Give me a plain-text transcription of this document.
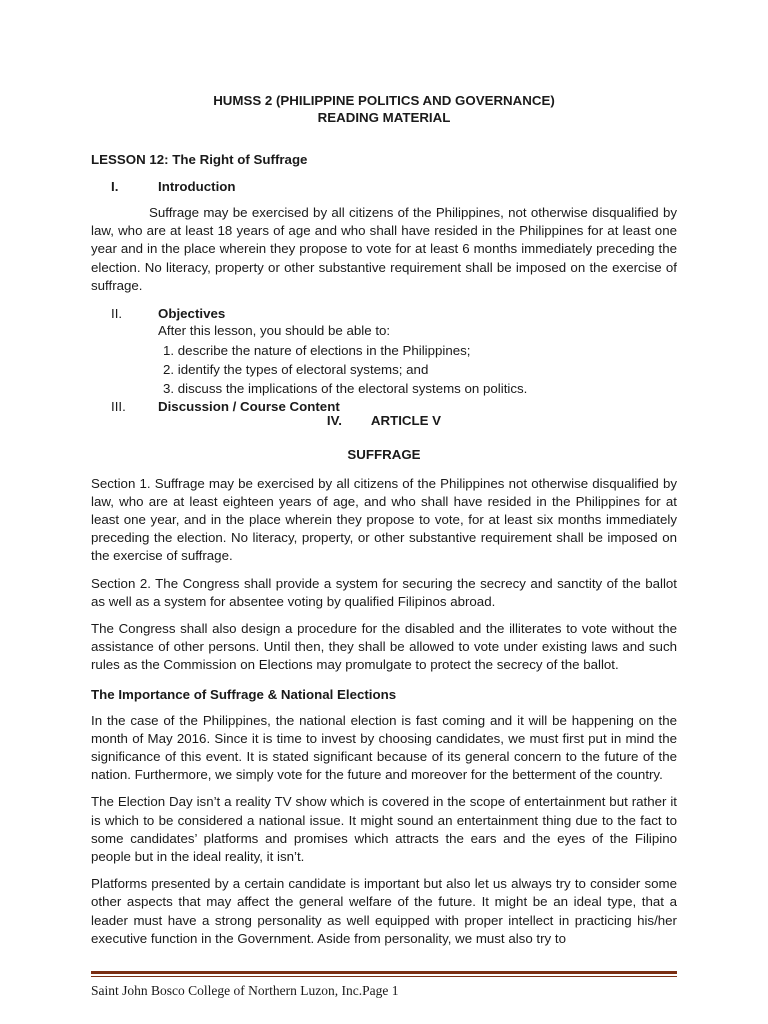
HUMSS 2 (PHILIPPINE POLITICS AND GOVERNANCE)
READING MATERIAL
LESSON 12: The Right of Suffrage
I.	Introduction

Suffrage may be exercised by all citizens of the Philippines, not otherwise disqualified by law, who are at least 18 years of age and who shall have resided in the Philippines for at least one year and in the place wherein they propose to vote for at least 6 months immediately preceding the election. No literacy, property or other substantive requirement shall be imposed on the exercise of suffrage.

II.	Objectives
After this lesson, you should be able to:
1. describe the nature of elections in the Philippines;
2. identify the types of electoral systems; and
3. discuss the implications of the electoral systems on politics.
III.	Discussion / Course Content
IV. ARTICLE V
SUFFRAGE

Section 1. Suffrage may be exercised by all citizens of the Philippines not otherwise disqualified by law, who are at least eighteen years of age, and who shall have resided in the Philippines for at least one year, and in the place wherein they propose to vote, for at least six months immediately preceding the election. No literacy, property, or other substantive requirement shall be imposed on the exercise of suffrage.

Section 2. The Congress shall provide a system for securing the secrecy and sanctity of the ballot as well as a system for absentee voting by qualified Filipinos abroad.

The Congress shall also design a procedure for the disabled and the illiterates to vote without the assistance of other persons. Until then, they shall be allowed to vote under existing laws and such rules as the Commission on Elections may promulgate to protect the secrecy of the ballot.

The Importance of Suffrage & National Elections

In the case of the Philippines, the national election is fast coming and it will be happening on the month of May 2016. Since it is time to invest by choosing candidates, we must first put in mind the significance of this event. It is stated significant because of its general concern to the future of the nation. Furthermore, we simply vote for the future and moreover for the betterment of the country.

The Election Day isn’t a reality TV show which is covered in the scope of entertainment but rather it is which to be considered a national issue. It might sound an entertainment thing due to the fact to some candidates’ platforms and promises which attracts the ears and the eyes of the Filipino people but in the ideal reality, it isn’t.

Platforms presented by a certain candidate is important but also let us always try to consider some other aspects that may affect the general welfare of the future. It might be an ideal type, that a leader must have a strong personality as well equipped with proper intellect in practicing his/her executive function in the Government. Aside from personality, we must also try to

Saint John Bosco College of Northern Luzon, Inc.Page 1
